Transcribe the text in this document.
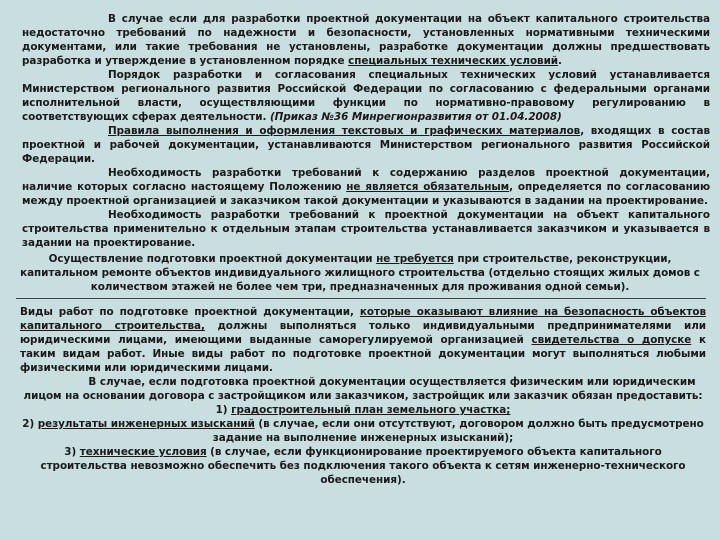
В случае если для разработки проектной документации на объект капитального строительства недостаточно требований по надежности и безопасности, установленных нормативными техническими документами, или такие требования не установлены, разработке документации должны предшествовать разработка и утверждение в установленном порядке специальных технических условий.

Порядок разработки и согласования специальных технических условий устанавливается Министерством регионального развития Российской Федерации по согласованию с федеральными органами исполнительной власти, осуществляющими функции по нормативно-правовому регулированию в соответствующих сферах деятельности. (Приказ №36 Минрегионразвития от 01.04.2008)

Правила выполнения и оформления текстовых и графических материалов, входящих в состав проектной и рабочей документации, устанавливаются Министерством регионального развития Российской Федерации.

Необходимость разработки требований к содержанию разделов проектной документации, наличие которых согласно настоящему Положению не является обязательным, определяется по согласованию между проектной организацией и заказчиком такой документации и указываются в задании на проектирование.

Необходимость разработки требований к проектной документации на объект капитального строительства применительно к отдельным этапам строительства устанавливается заказчиком и указывается в задании на проектирование.

Осуществление подготовки проектной документации не требуется при строительстве, реконструкции, капитальном ремонте объектов индивидуального жилищного строительства (отдельно стоящих жилых домов с количеством этажей не более чем три, предназначенных для проживания одной семьи).

Виды работ по подготовке проектной документации, которые оказывают влияние на безопасность объектов капитального строительства, должны выполняться только индивидуальными предпринимателями или юридическими лицами, имеющими выданные саморегулируемой организацией свидетельства о допуске к таким видам работ. Иные виды работ по подготовке проектной документации могут выполняться любыми физическими или юридическими лицами.

В случае, если подготовка проектной документации осуществляется физическим или юридическим лицом на основании договора с застройщиком или заказчиком, застройщик или заказчик обязан предоставить:

1) градостроительный план земельного участка;

2) результаты инженерных изысканий (в случае, если они отсутствуют, договором должно быть предусмотрено задание на выполнение инженерных изысканий);

3) технические условия (в случае, если функционирование проектируемого объекта капитального строительства невозможно обеспечить без подключения такого объекта к сетям инженерно-технического обеспечения).
